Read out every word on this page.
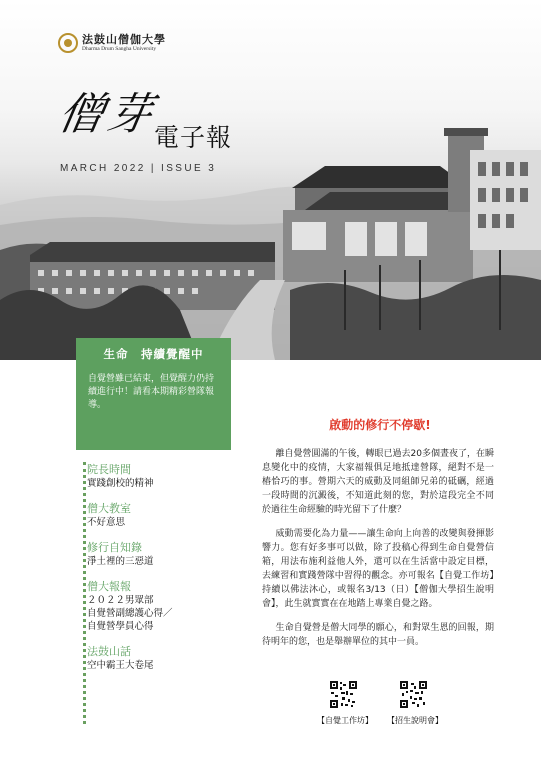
法鼓山僧伽大學
Dharma Drum Sangha University
僧芽
電子報
MARCH 2022 | ISSUE 3
生命　持續覺醒中
自覺營雖已結束，但覺醒力仍持續進行中！請看本期精彩營隊報導。
院長時間
實踐創校的精神
僧大教室
不好意思
修行自知錄
淨土裡的三惡道
僧大報報
２０２２男眾部
自覺營副總護心得／
自覺營學員心得
法鼓山話
空中霸王大卷尾
啟動的修行不停歇!

離自覺營圓滿的午後，轉眼已過去20多個晝夜了，在瞬息變化中的疫情，大家福報俱足地抵達營隊，絕對不是一樁恰巧的事。營期六天的威動及同組師兄弟的砥礪，經過一段時間的沉澱後，不知道此刻的您，對於這段完全不同於過往生命經驗的時光留下了什麼？

威動需要化為力量——讓生命向上向善的改變與發揮影響力。您有好多事可以做，除了投稿心得到生命自覺營信箱，用法布施利益他人外，還可以在生活當中設定目標，去練習和實踐營隊中習得的觀念。亦可報名【自覺工作坊】持續以佛法沐心，或報名3/13（日）【僧伽大學招生說明會】，此生就實實在在地踏上專業自覺之路。

生命自覺營是僧大同學的願心，和對眾生恩的回報，期待明年的您，也是舉辦單位的其中一員。

【自覺工作坊】 【招生說明會】
